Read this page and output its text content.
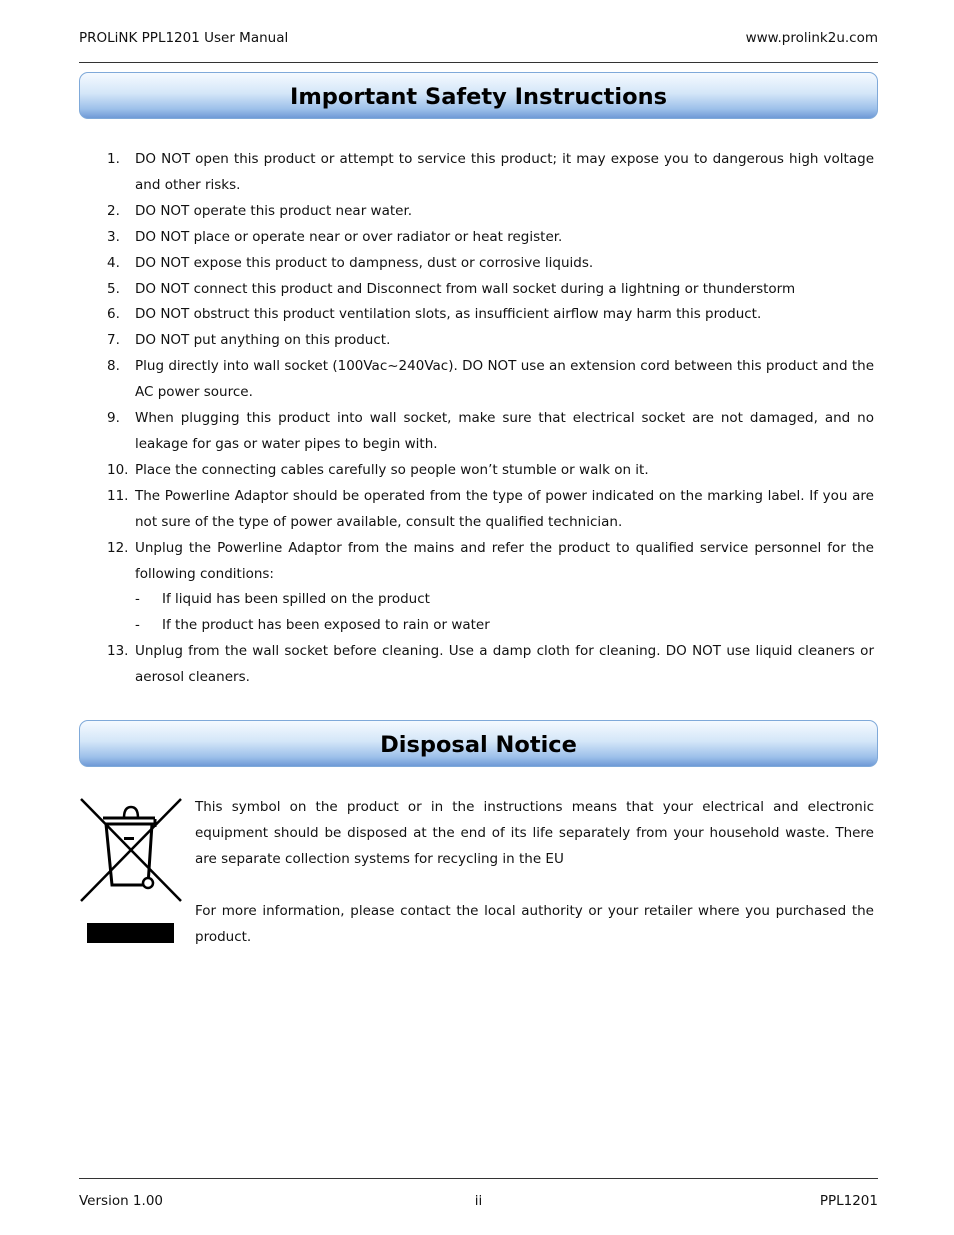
PROLiNK PPL1201 User Manual	www.prolink2u.com
Important Safety Instructions
1. DO NOT open this product or attempt to service this product; it may expose you to dangerous high voltage and other risks.
2. DO NOT operate this product near water.
3. DO NOT place or operate near or over radiator or heat register.
4. DO NOT expose this product to dampness, dust or corrosive liquids.
5. DO NOT connect this product and Disconnect from wall socket during a lightning or thunderstorm
6. DO NOT obstruct this product ventilation slots, as insufficient airflow may harm this product.
7. DO NOT put anything on this product.
8. Plug directly into wall socket (100Vac~240Vac). DO NOT use an extension cord between this product and the AC power source.
9. When plugging this product into wall socket, make sure that electrical socket are not damaged, and no leakage for gas or water pipes to begin with.
10. Place the connecting cables carefully so people won’t stumble or walk on it.
11. The Powerline Adaptor should be operated from the type of power indicated on the marking label. If you are not sure of the type of power available, consult the qualified technician.
12. Unplug the Powerline Adaptor from the mains and refer the product to qualified service personnel for the following conditions:
- If liquid has been spilled on the product
- If the product has been exposed to rain or water
13. Unplug from the wall socket before cleaning. Use a damp cloth for cleaning. DO NOT use liquid cleaners or aerosol cleaners.
Disposal Notice

This symbol on the product or in the instructions means that your electrical and electronic equipment should be disposed at the end of its life separately from your household waste. There are separate collection systems for recycling in the EU

For more information, please contact the local authority or your retailer where you purchased the product.

Version 1.00	ii	PPL1201
